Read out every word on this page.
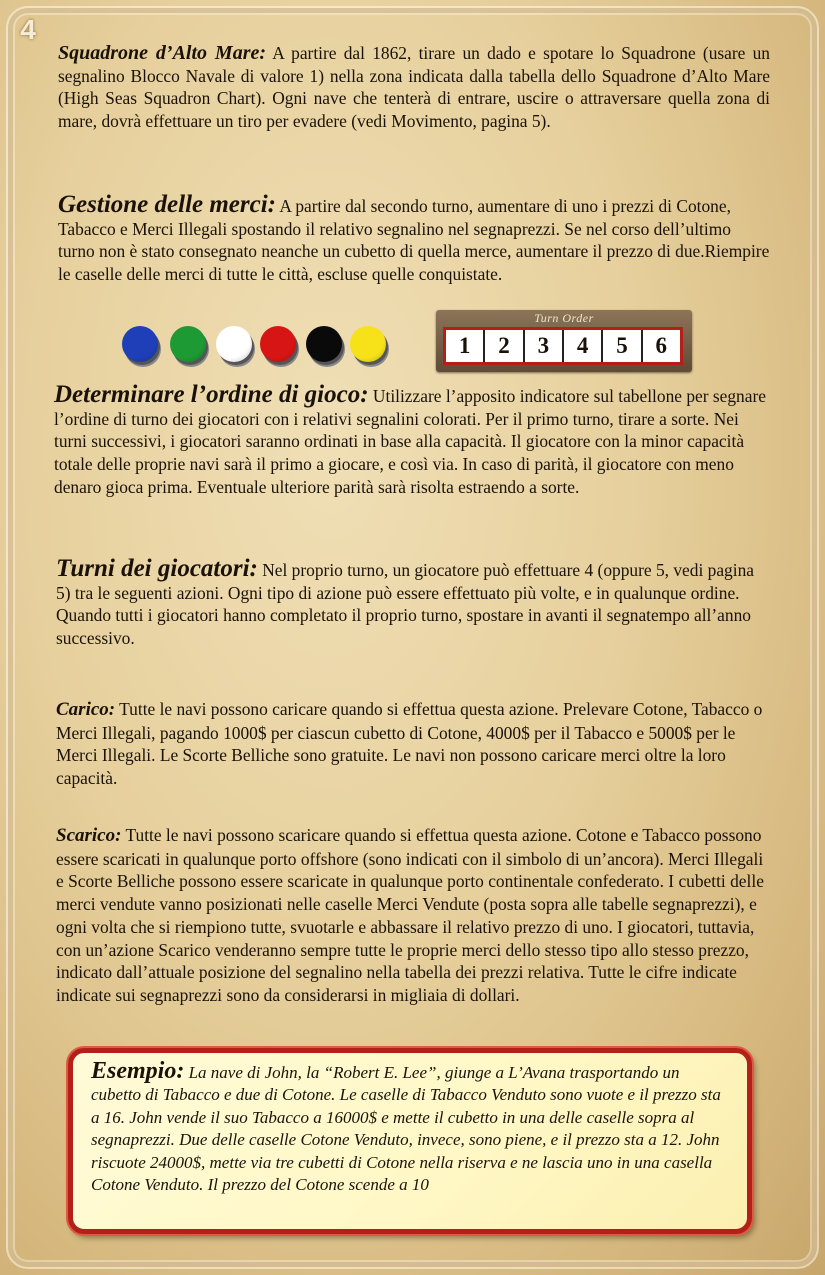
4

Squadrone d’Alto Mare: A partire dal 1862, tirare un dado e spotare lo Squadrone (usare un segnalino Blocco Navale di valore 1) nella zona indicata dalla tabella dello Squadrone d’Alto Mare (High Seas Squadron Chart). Ogni nave che tenterà di entrare, uscire o attraversare quella zona di mare, dovrà effettuare un tiro per evadere (vedi Movimento, pagina 5).

Gestione delle merci: A partire dal secondo turno, aumentare di uno i prezzi di Cotone, Tabacco e Merci Illegali spostando il relativo segnalino nel segnaprezzi. Se nel corso dell’ultimo turno non è stato consegnato neanche un cubetto di quella merce, aumentare il prezzo di due.Riempire le caselle delle merci di tutte le città, escluse quelle conquistate.

Turn Order
1	2	3	4	5	6

Determinare l’ordine di gioco: Utilizzare l’apposito indicatore sul tabellone per segnare l’ordine di turno dei giocatori con i relativi segnalini colorati. Per il primo turno, tirare a sorte. Nei turni successivi, i giocatori saranno ordinati in base alla capacità. Il giocatore con la minor capacità totale delle proprie navi sarà il primo a giocare, e così via. In caso di parità, il giocatore con meno denaro gioca prima. Eventuale ulteriore parità sarà risolta estraendo a sorte.

Turni dei giocatori: Nel proprio turno, un giocatore può effettuare 4 (oppure 5, vedi pagina 5) tra le seguenti azioni. Ogni tipo di azione può essere effettuato più volte, e in qualunque ordine. Quando tutti i giocatori hanno completato il proprio turno, spostare in avanti il segnatempo all’anno successivo.

Carico: Tutte le navi possono caricare quando si effettua questa azione. Prelevare Cotone, Tabacco o Merci Illegali, pagando 1000$ per ciascun cubetto di Cotone, 4000$ per il Tabacco e 5000$ per le Merci Illegali. Le Scorte Belliche sono gratuite. Le navi non possono caricare merci oltre la loro capacità.

Scarico: Tutte le navi possono scaricare quando si effettua questa azione. Cotone e Tabacco possono essere scaricati in qualunque porto offshore (sono indicati con il simbolo di un’ancora). Merci Illegali e Scorte Belliche possono essere scaricate in qualunque porto continentale confederato. I cubetti delle merci vendute vanno posizionati nelle caselle Merci Vendute (posta sopra alle tabelle segnaprezzi), e ogni volta che si riempiono tutte, svuotarle e abbassare il relativo prezzo di uno. I giocatori, tuttavia, con un’azione Scarico venderanno sempre tutte le proprie merci dello stesso tipo allo stesso prezzo, indicato dall’attuale posizione del segnalino nella tabella dei prezzi relativa. Tutte le cifre indicate indicate sui segnaprezzi sono da considerarsi in migliaia di dollari.

Esempio: La nave di John, la “Robert E. Lee”, giunge a L’Avana trasportando un cubetto di Tabacco e due di Cotone. Le caselle di Tabacco Venduto sono vuote e il prezzo sta a 16. John vende il suo Tabacco a 16000$ e mette il cubetto in una delle caselle sopra al segnaprezzi. Due delle caselle Cotone Venduto, invece, sono piene, e il prezzo sta a 12. John riscuote 24000$, mette via tre cubetti di Cotone nella riserva e ne lascia uno in una casella Cotone Venduto. Il prezzo del Cotone scende a 10
